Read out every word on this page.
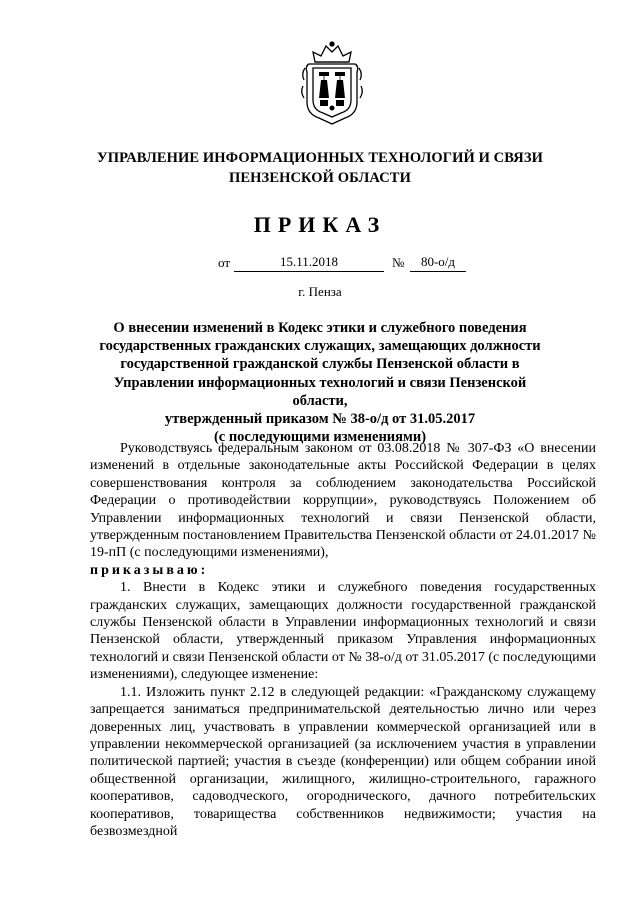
УПРАВЛЕНИЕ ИНФОРМАЦИОННЫХ ТЕХНОЛОГИЙ И СВЯЗИ
ПЕНЗЕНСКОЙ ОБЛАСТИ
ПРИКАЗ
от	15.11.2018	№	80-о/д
г. Пенза
О внесении изменений в Кодекс этики и служебного поведения
государственных гражданских служащих, замещающих должности
государственной гражданской службы Пензенской области в
Управлении информационных технологий и связи Пензенской области,
утвержденный приказом № 38-о/д от 31.05.2017
(с последующими изменениями)

Руководствуясь федеральным законом от 03.08.2018 № 307-ФЗ «О внесении изменений в отдельные законодательные акты Российской Федерации в целях совершенствования контроля за соблюдением законодательства Российской Федерации о противодействии коррупции», руководствуясь Положением об Управлении информационных технологий и связи Пензенской области, утвержденным постановлением Правительства Пензенской области от 24.01.2017 № 19-пП (с последующими изменениями),

приказываю:

1. Внести в Кодекс этики и служебного поведения государственных гражданских служащих, замещающих должности государственной гражданской службы Пензенской области в Управлении информационных технологий и связи Пензенской области, утвержденный приказом Управления информационных технологий и связи Пензенской области от № 38-о/д от 31.05.2017 (с последующими изменениями), следующее изменение:

1.1. Изложить пункт 2.12 в следующей редакции: «Гражданскому служащему запрещается заниматься предпринимательской деятельностью лично или через доверенных лиц, участвовать в управлении коммерческой организацией или в управлении некоммерческой организацией (за исключением участия в управлении политической партией; участия в съезде (конференции) или общем собрании иной общественной организации, жилищного, жилищно-строительного, гаражного кооперативов, садоводческого, огороднического, дачного потребительских кооперативов, товарищества собственников недвижимости; участия на безвозмездной
